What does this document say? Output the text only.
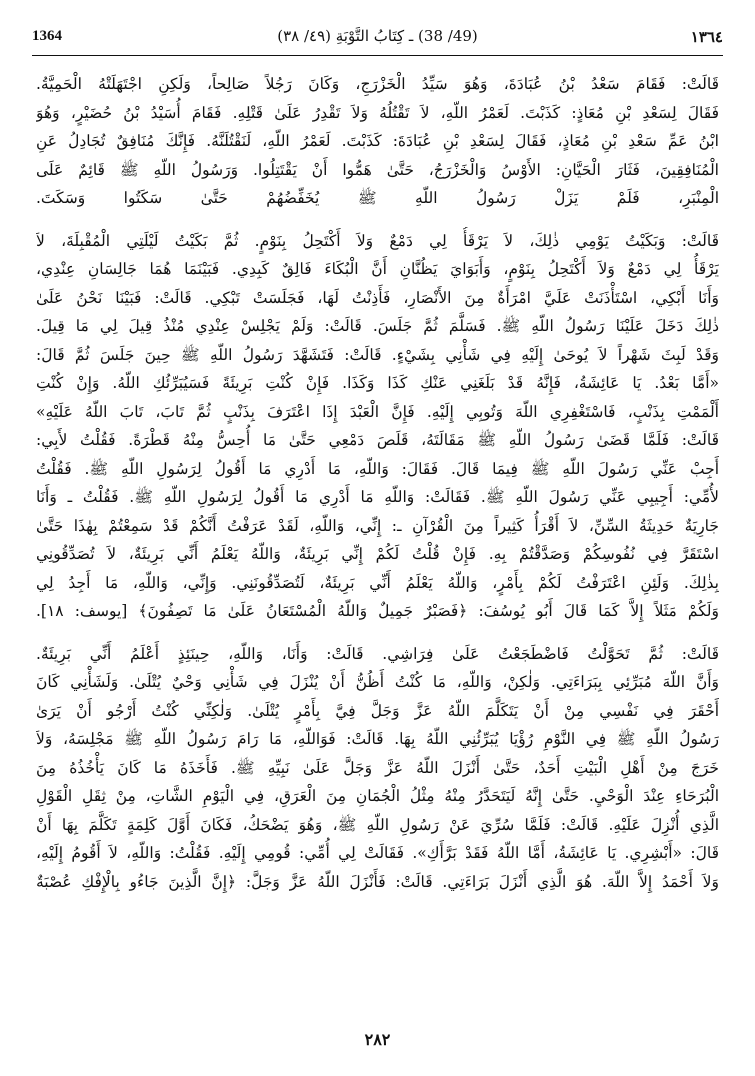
1364	(49/ 38) ـ كِتَابُ التَّوْبَةِ (٤٩/ ٣٨)	١٣٦٤

قَالَتْ: فَقَامَ سَعْدُ بْنُ عُبَادَةَ، وَهُوَ سَيِّدُ الْخَزْرَجِ، وَكَانَ رَجُلاً صَالِحاً، وَلَكِنِ اجْتَهَلَتْهُ الْحَمِيَّةُ.
فَقَالَ لِسَعْدِ بْنِ مُعَاذٍ: كَذَبْتَ. لَعَمْرُ اللّهِ، لاَ تَقْتُلُهُ وَلاَ تَقْدِرُ عَلَىٰ قَتْلِهِ. فَقَامَ أُسَيْدُ بْنُ حُضَيْرٍ، وَهُوَ
ابْنُ عَمِّ سَعْدِ بْنِ مُعَاذٍ، فَقَالَ لِسَعْدِ بْنِ عُبَادَةَ: كَذَبْتَ. لَعَمْرُ اللّهِ، لَنَقْتُلَنَّهُ. فَإِنَّكَ مُنَافِقٌ تُجَادِلُ عَنِ
الْمُنَافِقِينَ، فَثَارَ الْحَيَّانِ: الأَوْسُ وَالْخَزْرَجُ، حَتَّىٰ هَمُّوا أَنْ يَقْتَتِلُوا. وَرَسُولُ اللّهِ ﷺ قَائِمٌ عَلَى
الْمِنْبَرِ، فَلَمْ يَزَلْ رَسُولُ اللّهِ ﷺ يُخَفِّضُهُمْ حَتَّىٰ سَكَتُوا وَسَكَتَ.

قَالَتْ: وَبَكَيْتُ يَوْمِي ذٰلِكَ، لاَ يَرْقَأُ لِي دَمْعٌ وَلاَ أَكْتَحِلُ بِنَوْمٍ. ثُمَّ بَكَيْتُ لَيْلَتِي الْمُقْبِلَةَ، لاَ
يَرْقَأُ لِي دَمْعٌ وَلاَ أَكْتَحِلُ بِنَوْمٍ، وَأَبَوَايَ يَظُنَّانِ أَنَّ الْبُكَاءَ فَالِقٌ كَبِدِي. فَبَيْنَمَا هُمَا جَالِسَانِ عِنْدِي،
وَأَنَا أَبْكِي، اسْتَأْذَنَتْ عَلَيَّ امْرَأَةٌ مِنَ الأَنْصَارِ، فَأَذِنْتُ لَهَا، فَجَلَسَتْ تَبْكِي. قَالَتْ: فَبَيْنَا نَحْنُ عَلَىٰ
ذٰلِكَ دَخَلَ عَلَيْنَا رَسُولُ اللّهِ ﷺ. فَسَلَّمَ ثُمَّ جَلَسَ. قَالَتْ: وَلَمْ يَجْلِسْ عِنْدِي مُنْذُ قِيلَ لِي مَا قِيلَ.
وَقَدْ لَبِثَ شَهْراً لاَ يُوحَىٰ إِلَيْهِ فِي شَأْنِي بِشَيْءٍ. قَالَتْ: فَتَشَهَّدَ رَسُولُ اللّهِ ﷺ حِينَ جَلَسَ ثُمَّ قَالَ:
«أَمَّا بَعْدُ. يَا عَائِشَةُ، فَإِنَّهُ قَدْ بَلَغَنِي عَنْكِ كَذَا وَكَذَا. فَإِنْ كُنْتِ بَرِيئَةً فَسَيُبَرِّئُكِ اللّهُ. وَإِنْ كُنْتِ
أَلْمَمْتِ بِذَنْبٍ، فَاسْتَغْفِرِي اللّهَ وَتُوبِي إِلَيْهِ. فَإِنَّ الْعَبْدَ إِذَا اعْتَرَفَ بِذَنْبٍ ثُمَّ تَابَ، تَابَ اللّهُ عَلَيْهِ»
قَالَتْ: فَلَمَّا قَضَىٰ رَسُولُ اللّهِ ﷺ مَقَالَتَهُ، قَلَصَ دَمْعِي حَتَّىٰ مَا أُحِسُّ مِنْهُ قَطْرَةً. فَقُلْتُ لأَبِي:
أَجِبْ عَنِّي رَسُولَ اللّهِ ﷺ فِيمَا قَالَ. فَقَالَ: وَاللّهِ، مَا أَدْرِي مَا أَقُولُ لِرَسُولِ اللّهِ ﷺ. فَقُلْتُ
لأُمِّي: أَجِيبِي عَنِّي رَسُولَ اللّهِ ﷺ. فَقَالَتْ: وَاللّهِ مَا أَدْرِي مَا أَقُولُ لِرَسُولِ اللّهِ ﷺ. فَقُلْتُ ـ وَأَنَا
جَارِيَةٌ حَدِيثَةُ السِّنِّ، لاَ أَقْرَأُ كَثِيراً مِنَ الْقُرْآنِ ـ: إِنِّي، وَاللّهِ، لَقَدْ عَرَفْتُ أَنَّكُمْ قَدْ سَمِعْتُمْ بِهٰذَا حَتَّىٰ
اسْتَقَرَّ فِي نُفُوسِكُمْ وَصَدَّقْتُمْ بِهِ. فَإِنْ قُلْتُ لَكُمْ إِنِّي بَرِيئَةٌ، وَاللّهُ يَعْلَمُ أَنِّي بَرِيئَةٌ، لاَ تُصَدِّقُونِي
بِذٰلِكَ. وَلَئِنِ اعْتَرَفْتُ لَكُمْ بِأَمْرٍ، وَاللّهُ يَعْلَمُ أَنِّي بَرِيئَةٌ، لَتُصَدِّقُونَنِي. وَإِنِّي، وَاللّهِ، مَا أَجِدُ لِي
وَلَكُمْ مَثَلاً إِلاَّ كَمَا قَالَ أَبُو يُوسُفَ: ﴿فَصَبْرٌ جَمِيلٌ وَاللّهُ الْمُسْتَعَانُ عَلَىٰ مَا تَصِفُونَ﴾ [يوسف: ١٨].

قَالَتْ: ثُمَّ تَحَوَّلْتُ فَاضْطَجَعْتُ عَلَىٰ فِرَاشِي. قَالَتْ: وَأَنَا، وَاللّهِ، حِينَئِذٍ أَعْلَمُ أَنِّي بَرِيئَةٌ.
وَأَنَّ اللّهَ مُبَرِّئِي بِبَرَاءَتِي. وَلٰكِنْ، وَاللّهِ، مَا كُنْتُ أَظُنُّ أَنْ يُنْزَلَ فِي شَأْنِي وَحْيٌ يُتْلَىٰ. وَلَشَأْنِي كَانَ
أَحْقَرَ فِي نَفْسِي مِنْ أَنْ يَتَكَلَّمَ اللّهُ عَزَّ وَجَلَّ فِيَّ بِأَمْرٍ يُتْلَىٰ. وَلٰكِنِّي كُنْتُ أَرْجُو أَنْ يَرَىٰ
رَسُولُ اللّهِ ﷺ فِي النَّوْمِ رُؤْيَا يُبَرِّئُنِي اللّهُ بِهَا. قَالَتْ: فَوَاللّهِ، مَا رَامَ رَسُولُ اللّهِ ﷺ مَجْلِسَهُ، وَلاَ
خَرَجَ مِنْ أَهْلِ الْبَيْتِ أَحَدٌ، حَتَّىٰ أَنْزَلَ اللّهُ عَزَّ وَجَلَّ عَلَىٰ نَبِيِّهِ ﷺ. فَأَخَذَهُ مَا كَانَ يَأْخُذُهُ مِنَ
الْبُرَحَاءِ عِنْدَ الْوَحْيِ. حَتَّىٰ إِنَّهُ لَيَتَحَدَّرُ مِنْهُ مِثْلُ الْجُمَانِ مِنَ الْعَرَقِ، فِي الْيَوْمِ الشَّاتِ، مِنْ ثِقَلِ الْقَوْلِ
الَّذِي أُنْزِلَ عَلَيْهِ. قَالَتْ: فَلَمَّا سُرِّيَ عَنْ رَسُولِ اللّهِ ﷺ، وَهُوَ يَضْحَكُ، فَكَانَ أَوَّلَ كَلِمَةٍ تَكَلَّمَ بِهَا أَنْ
قَالَ: «أَبْشِرِي. يَا عَائِشَةُ، أَمَّا اللّهُ فَقَدْ بَرَّأَكِ». فَقَالَتْ لِي أُمِّي: قُومِي إِلَيْهِ. فَقُلْتُ: وَاللّهِ، لاَ أَقُومُ إِلَيْهِ،
وَلاَ أَحْمَدُ إِلاَّ اللّهَ. هُوَ الَّذِي أَنْزَلَ بَرَاءَتِي. قَالَتْ: فَأَنْزَلَ اللّهُ عَزَّ وَجَلَّ: ﴿إِنَّ الَّذِينَ جَاءُو بِالْإِفْكِ عُصْبَةٌ

٢٨٢
